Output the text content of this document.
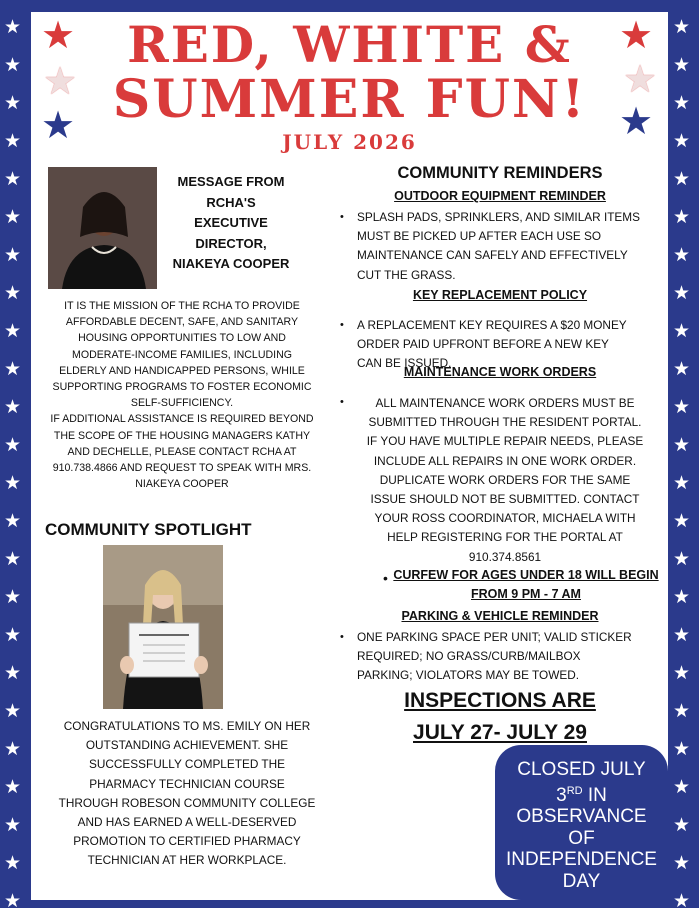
★
★
★
★
★
★
★
★
★
★
★
★
★
★
★
★
★
★
★
★
★
★
★
★
★
★
★
★
★
★
★
★
★
★
★
★
★
★
★
★
★
★
★
★
★
★
★
★
★
★
★
★
★
★
RED, WHITE &
SUMMER FUN!
JULY 2026
MESSAGE FROM
RCHA'S
EXECUTIVE
DIRECTOR,
NIAKEYA COOPER
IT IS THE MISSION OF THE RCHA TO PROVIDE
AFFORDABLE DECENT, SAFE, AND SANITARY
HOUSING OPPORTUNITIES TO LOW AND
MODERATE-INCOME FAMILIES, INCLUDING
ELDERLY AND HANDICAPPED PERSONS, WHILE
SUPPORTING PROGRAMS TO FOSTER ECONOMIC
SELF-SUFFICIENCY.
IF ADDITIONAL ASSISTANCE IS REQUIRED BEYOND
THE SCOPE OF THE HOUSING MANAGERS KATHY
AND DECHELLE, PLEASE CONTACT RCHA AT
910.738.4866 AND REQUEST TO SPEAK WITH MRS.
NIAKEYA COOPER
COMMUNITY SPOTLIGHT
CONGRATULATIONS TO MS. EMILY ON HER
OUTSTANDING ACHIEVEMENT. SHE
SUCCESSFULLY COMPLETED THE
PHARMACY TECHNICIAN COURSE
THROUGH ROBESON COMMUNITY COLLEGE
AND HAS EARNED A WELL-DESERVED
PROMOTION TO CERTIFIED PHARMACY
TECHNICIAN AT HER WORKPLACE.
COMMUNITY REMINDERS
OUTDOOR EQUIPMENT REMINDER
• SPLASH PADS, SPRINKLERS, AND SIMILAR ITEMS
MUST BE PICKED UP AFTER EACH USE SO
MAINTENANCE CAN SAFELY AND EFFECTIVELY
CUT THE GRASS.
KEY REPLACEMENT POLICY
• A REPLACEMENT KEY REQUIRES A $20 MONEY
ORDER PAID UPFRONT BEFORE A NEW KEY
CAN BE ISSUED.
MAINTENANCE WORK ORDERS
•	ALL MAINTENANCE WORK ORDERS MUST BE
SUBMITTED THROUGH THE RESIDENT PORTAL.
IF YOU HAVE MULTIPLE REPAIR NEEDS, PLEASE
INCLUDE ALL REPAIRS IN ONE WORK ORDER.
DUPLICATE WORK ORDERS FOR THE SAME
ISSUE SHOULD NOT BE SUBMITTED. CONTACT
YOUR ROSS COORDINATOR, MICHAELA WITH
HELP REGISTERING FOR THE PORTAL AT
910.374.8561
• CURFEW FOR AGES UNDER 18 WILL BEGIN
FROM 9 PM - 7 AM
PARKING & VEHICLE REMINDER
• ONE PARKING SPACE PER UNIT; VALID STICKER
REQUIRED; NO GRASS/CURB/MAILBOX
PARKING; VIOLATORS MAY BE TOWED.
INSPECTIONS ARE
JULY 27- JULY 29
CLOSED JULY
3RD IN
OBSERVANCE
OF
INDEPENDENCE
DAY
